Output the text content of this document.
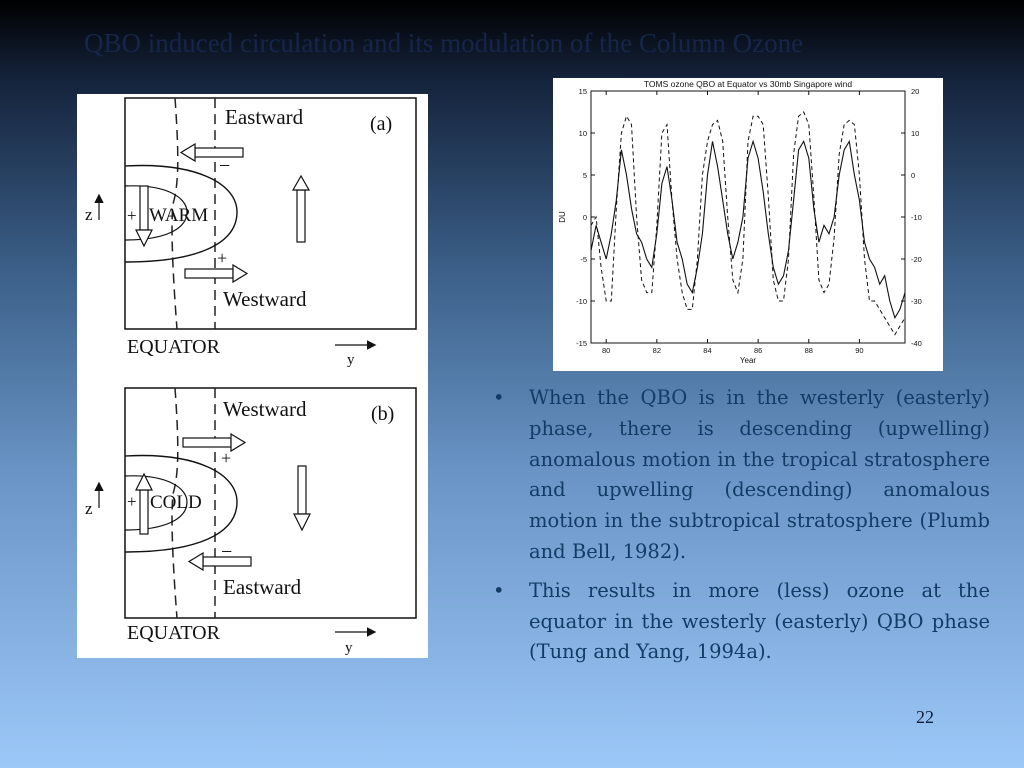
QBO induced circulation and its modulation of the Column Ozone
z
Eastward	(a)
−
+ WARM
+
Westward
EQUATOR
y
z
Westward	(b)
+
+ COLD
−
Eastward
EQUATOR
y
TOMS ozone QBO at Equator vs 30mb Singapore wind
DU
Year
80	82	84	86	88	90
15
10
5
0
-5
-10
-15
20
10
0
-10
-20
-30
-40
• When the QBO is in the westerly (easterly) phase, there is descending (upwelling) anomalous motion in the tropical stratosphere and upwelling (descending) anomalous motion in the subtropical stratosphere (Plumb and Bell, 1982).
• This results in more (less) ozone at the equator in the westerly (easterly) QBO phase (Tung and Yang, 1994a).
22
